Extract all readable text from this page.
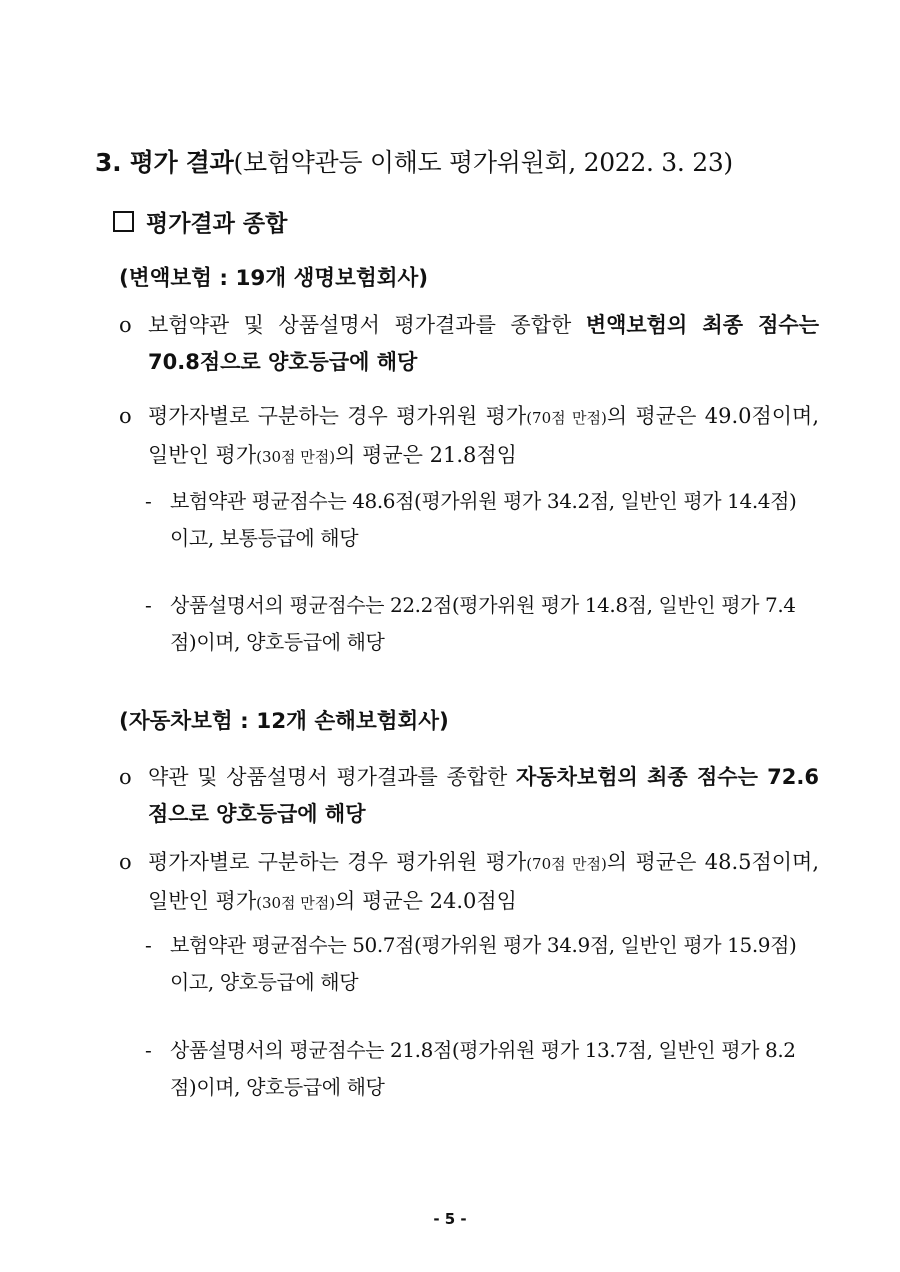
3. 평가 결과(보험약관등 이해도 평가위원회, 2022. 3. 23)
평가결과 종합
(변액보험 : 19개 생명보험회사)
o 보험약관 및 상품설명서 평가결과를 종합한 변액보험의 최종 점수는 70.8점으로 양호등급에 해당
o 평가자별로 구분하는 경우 평가위원 평가(70점 만점)의 평균은 49.0점이며, 일반인 평가(30점 만점)의 평균은 21.8점임
- 보험약관 평균점수는 48.6점(평가위원 평가 34.2점, 일반인 평가 14.4점)이고, 보통등급에 해당
- 상품설명서의 평균점수는 22.2점(평가위원 평가 14.8점, 일반인 평가 7.4점)이며, 양호등급에 해당
(자동차보험 : 12개 손해보험회사)
o 약관 및 상품설명서 평가결과를 종합한 자동차보험의 최종 점수는 72.6점으로 양호등급에 해당
o 평가자별로 구분하는 경우 평가위원 평가(70점 만점)의 평균은 48.5점이며, 일반인 평가(30점 만점)의 평균은 24.0점임
- 보험약관 평균점수는 50.7점(평가위원 평가 34.9점, 일반인 평가 15.9점)이고, 양호등급에 해당
- 상품설명서의 평균점수는 21.8점(평가위원 평가 13.7점, 일반인 평가 8.2점)이며, 양호등급에 해당
- 5 -
